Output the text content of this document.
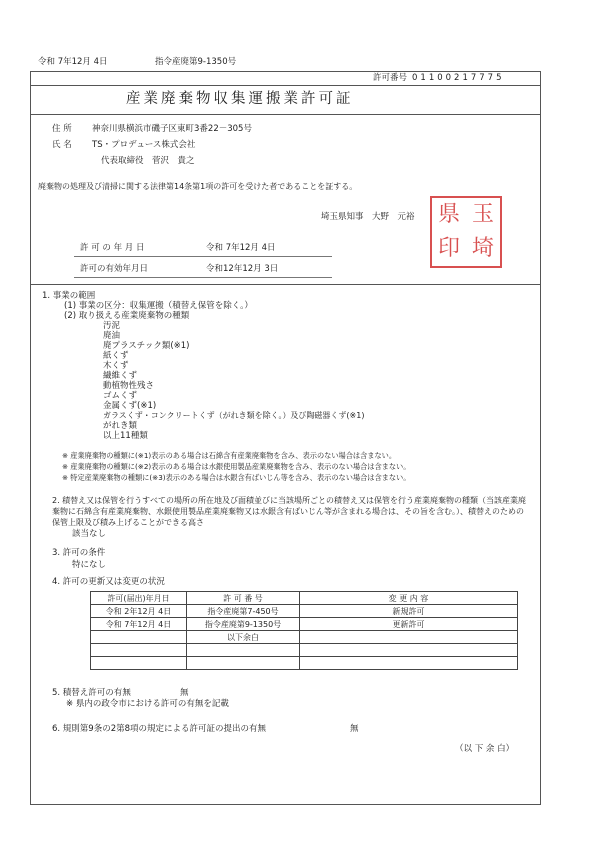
令和 7年12月 4日	指令産廃第9-1350号
許可番号 01100217775
産業廃棄物収集運搬業許可証
住 所 神奈川県横浜市磯子区東町3番22－305号
氏 名 TS・プロデュース株式会社
代表取締役　菅沢　貴之
廃棄物の処理及び清掃に関する法律第14条第1項の許可を受けた者であることを証する。
埼玉県知事　大野　元裕 県 玉
印 埼
許 可 の 年 月 日	令和 7年12月 4日
許可の有効年月日	令和12年12月 3日
1. 事業の範囲
(1) 事業の区分：収集運搬（積替え保管を除く。）
(2) 取り扱える産業廃棄物の種類
汚泥
廃油
廃プラスチック類(※1)
紙くず
木くず
繊維くず
動植物性残さ
ゴムくず
金属くず(※1)
ガラスくず・コンクリートくず（がれき類を除く。）及び陶磁器くず(※1)
がれき類
以上11種類
※ 産業廃棄物の種類に(※1)表示のある場合は石綿含有産業廃棄物を含み、表示のない場合は含まない。
※ 産業廃棄物の種類に(※2)表示のある場合は水銀使用製品産業廃棄物を含み、表示のない場合は含まない。
※ 特定産業廃棄物の種類に(※3)表示のある場合は水銀含有ばいじん等を含み、表示のない場合は含まない。
2. 積替え又は保管を行うすべての場所の所在地及び面積並びに当該場所ごとの積替え又は保管を行う産業廃棄物の種類（当該産業廃棄物に石綿含有産業廃棄物、水銀使用製品産業廃棄物又は水銀含有ばいじん等が含まれる場合は、その旨を含む。）、積替えのための保管上限及び積み上げることができる高さ
該当なし
3. 許可の条件
特になし
4. 許可の更新又は変更の状況
許可(届出)年月日	許 可 番 号	変 更 内 容
令和 2年12月 4日	指令産廃第7-450号	新規許可
令和 7年12月 4日	指令産廃第9-1350号	更新許可
	以下余白	

5. 積替え許可の有無	無
※ 県内の政令市における許可の有無を記載
6. 規則第9条の2第8項の規定による許可証の提出の有無	無
（以 下 余 白）
